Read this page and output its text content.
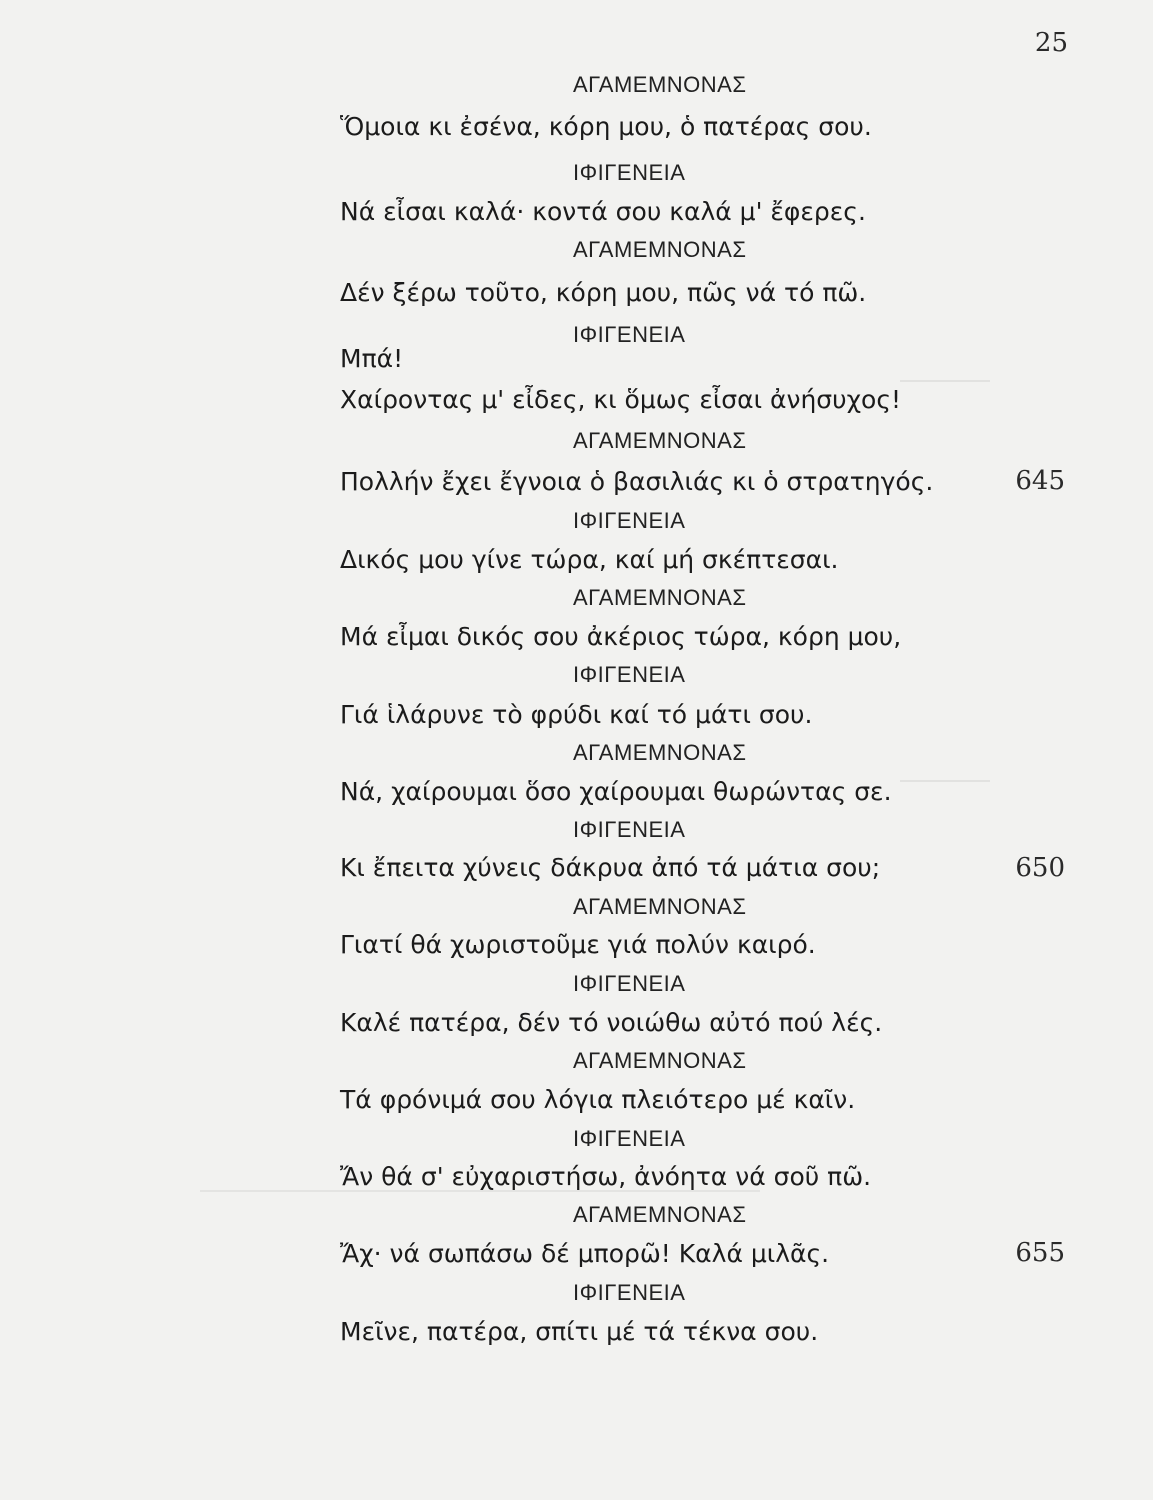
25
ΑΓΑΜΕΜΝΟΝΑΣ
Ὅμοια κι ἐσένα, κόρη μου, ὁ πατέρας σου.
ΙΦΙΓΕΝΕΙΑ
Νά εἶσαι καλά· κοντά σου καλά μ' ἔφερες.
ΑΓΑΜΕΜΝΟΝΑΣ
Δέν ξέρω τοῦτο, κόρη μου, πῶς νά τό πῶ.
ΙΦΙΓΕΝΕΙΑ
Μπά!
Χαίροντας μ' εἶδες, κι ὅμως εἶσαι ἀνήσυχος!
ΑΓΑΜΕΜΝΟΝΑΣ
Πολλήν ἔχει ἔγνοια ὁ βασιλιάς κι ὁ στρατηγός.	645
ΙΦΙΓΕΝΕΙΑ
Δικός μου γίνε τώρα, καί μή σκέπτεσαι.
ΑΓΑΜΕΜΝΟΝΑΣ
Μά εἶμαι δικός σου ἀκέριος τώρα, κόρη μου,
ΙΦΙΓΕΝΕΙΑ
Γιά ἱλάρυνε τὸ φρύδι καί τό μάτι σου.
ΑΓΑΜΕΜΝΟΝΑΣ
Νά, χαίρουμαι ὅσο χαίρουμαι θωρώντας σε.
ΙΦΙΓΕΝΕΙΑ
Κι ἔπειτα χύνεις δάκρυα ἀπό τά μάτια σου;	650
ΑΓΑΜΕΜΝΟΝΑΣ
Γιατί θά χωριστοῦμε γιά πολύν καιρό.
ΙΦΙΓΕΝΕΙΑ
Καλέ πατέρα, δέν τό νοιώθω αὐτό πού λές.
ΑΓΑΜΕΜΝΟΝΑΣ
Τά φρόνιμά σου λόγια πλειότερο μέ καῖν.
ΙΦΙΓΕΝΕΙΑ
Ἄν θά σ' εὐχαριστήσω, ἀνόητα νά σοῦ πῶ.
ΑΓΑΜΕΜΝΟΝΑΣ
Ἄχ· νά σωπάσω δέ μπορῶ! Καλά μιλᾶς.	655
ΙΦΙΓΕΝΕΙΑ
Μεῖνε, πατέρα, σπίτι μέ τά τέκνα σου.
